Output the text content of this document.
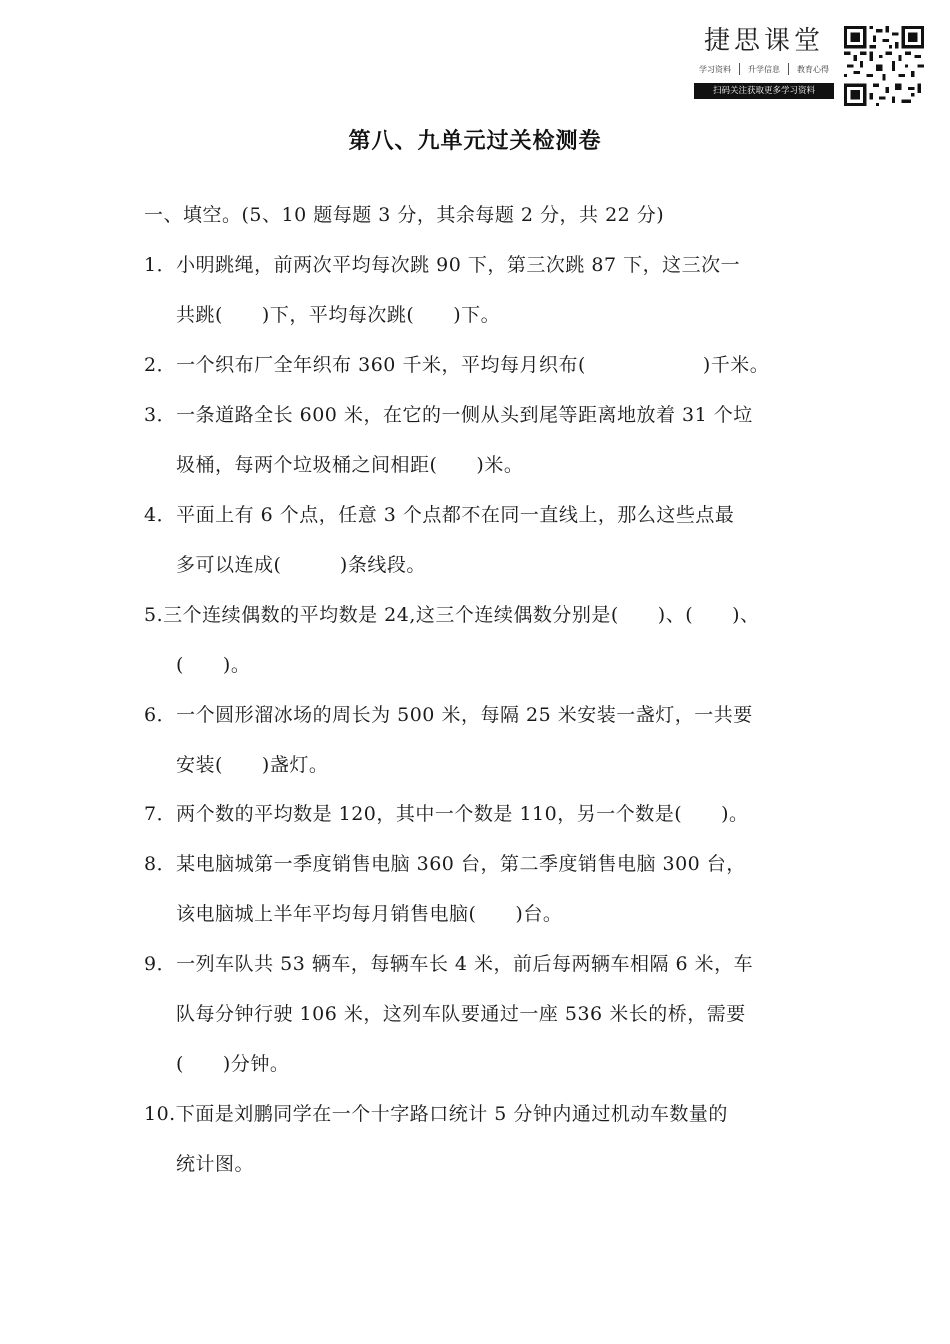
捷思课堂
学习资料	升学信息	教育心得
扫码关注获取更多学习资料
第八、九单元过关检测卷
一、填空。(5、10 题每题 3 分，其余每题 2 分，共 22 分)
1．小明跳绳，前两次平均每次跳 90 下，第三次跳 87 下，这三次一
共跳(　　)下，平均每次跳(　　)下。
2．一个织布厂全年织布 360 千米，平均每月织布(　　　　　　)千米。
3．一条道路全长 600 米，在它的一侧从头到尾等距离地放着 31 个垃
圾桶，每两个垃圾桶之间相距(　　)米。
4．平面上有 6 个点，任意 3 个点都不在同一直线上，那么这些点最
多可以连成(　　　)条线段。
5.三个连续偶数的平均数是 24,这三个连续偶数分别是(　　)、(　　)、
(　　)。
6．一个圆形溜冰场的周长为 500 米，每隔 25 米安装一盏灯，一共要
安装(　　)盏灯。
7．两个数的平均数是 120，其中一个数是 110，另一个数是(　　)。
8．某电脑城第一季度销售电脑 360 台，第二季度销售电脑 300 台，
该电脑城上半年平均每月销售电脑(　　)台。
9．一列车队共 53 辆车，每辆车长 4 米，前后每两辆车相隔 6 米，车
队每分钟行驶 106 米，这列车队要通过一座 536 米长的桥，需要
(　　)分钟。
10.下面是刘鹏同学在一个十字路口统计 5 分钟内通过机动车数量的
统计图。
